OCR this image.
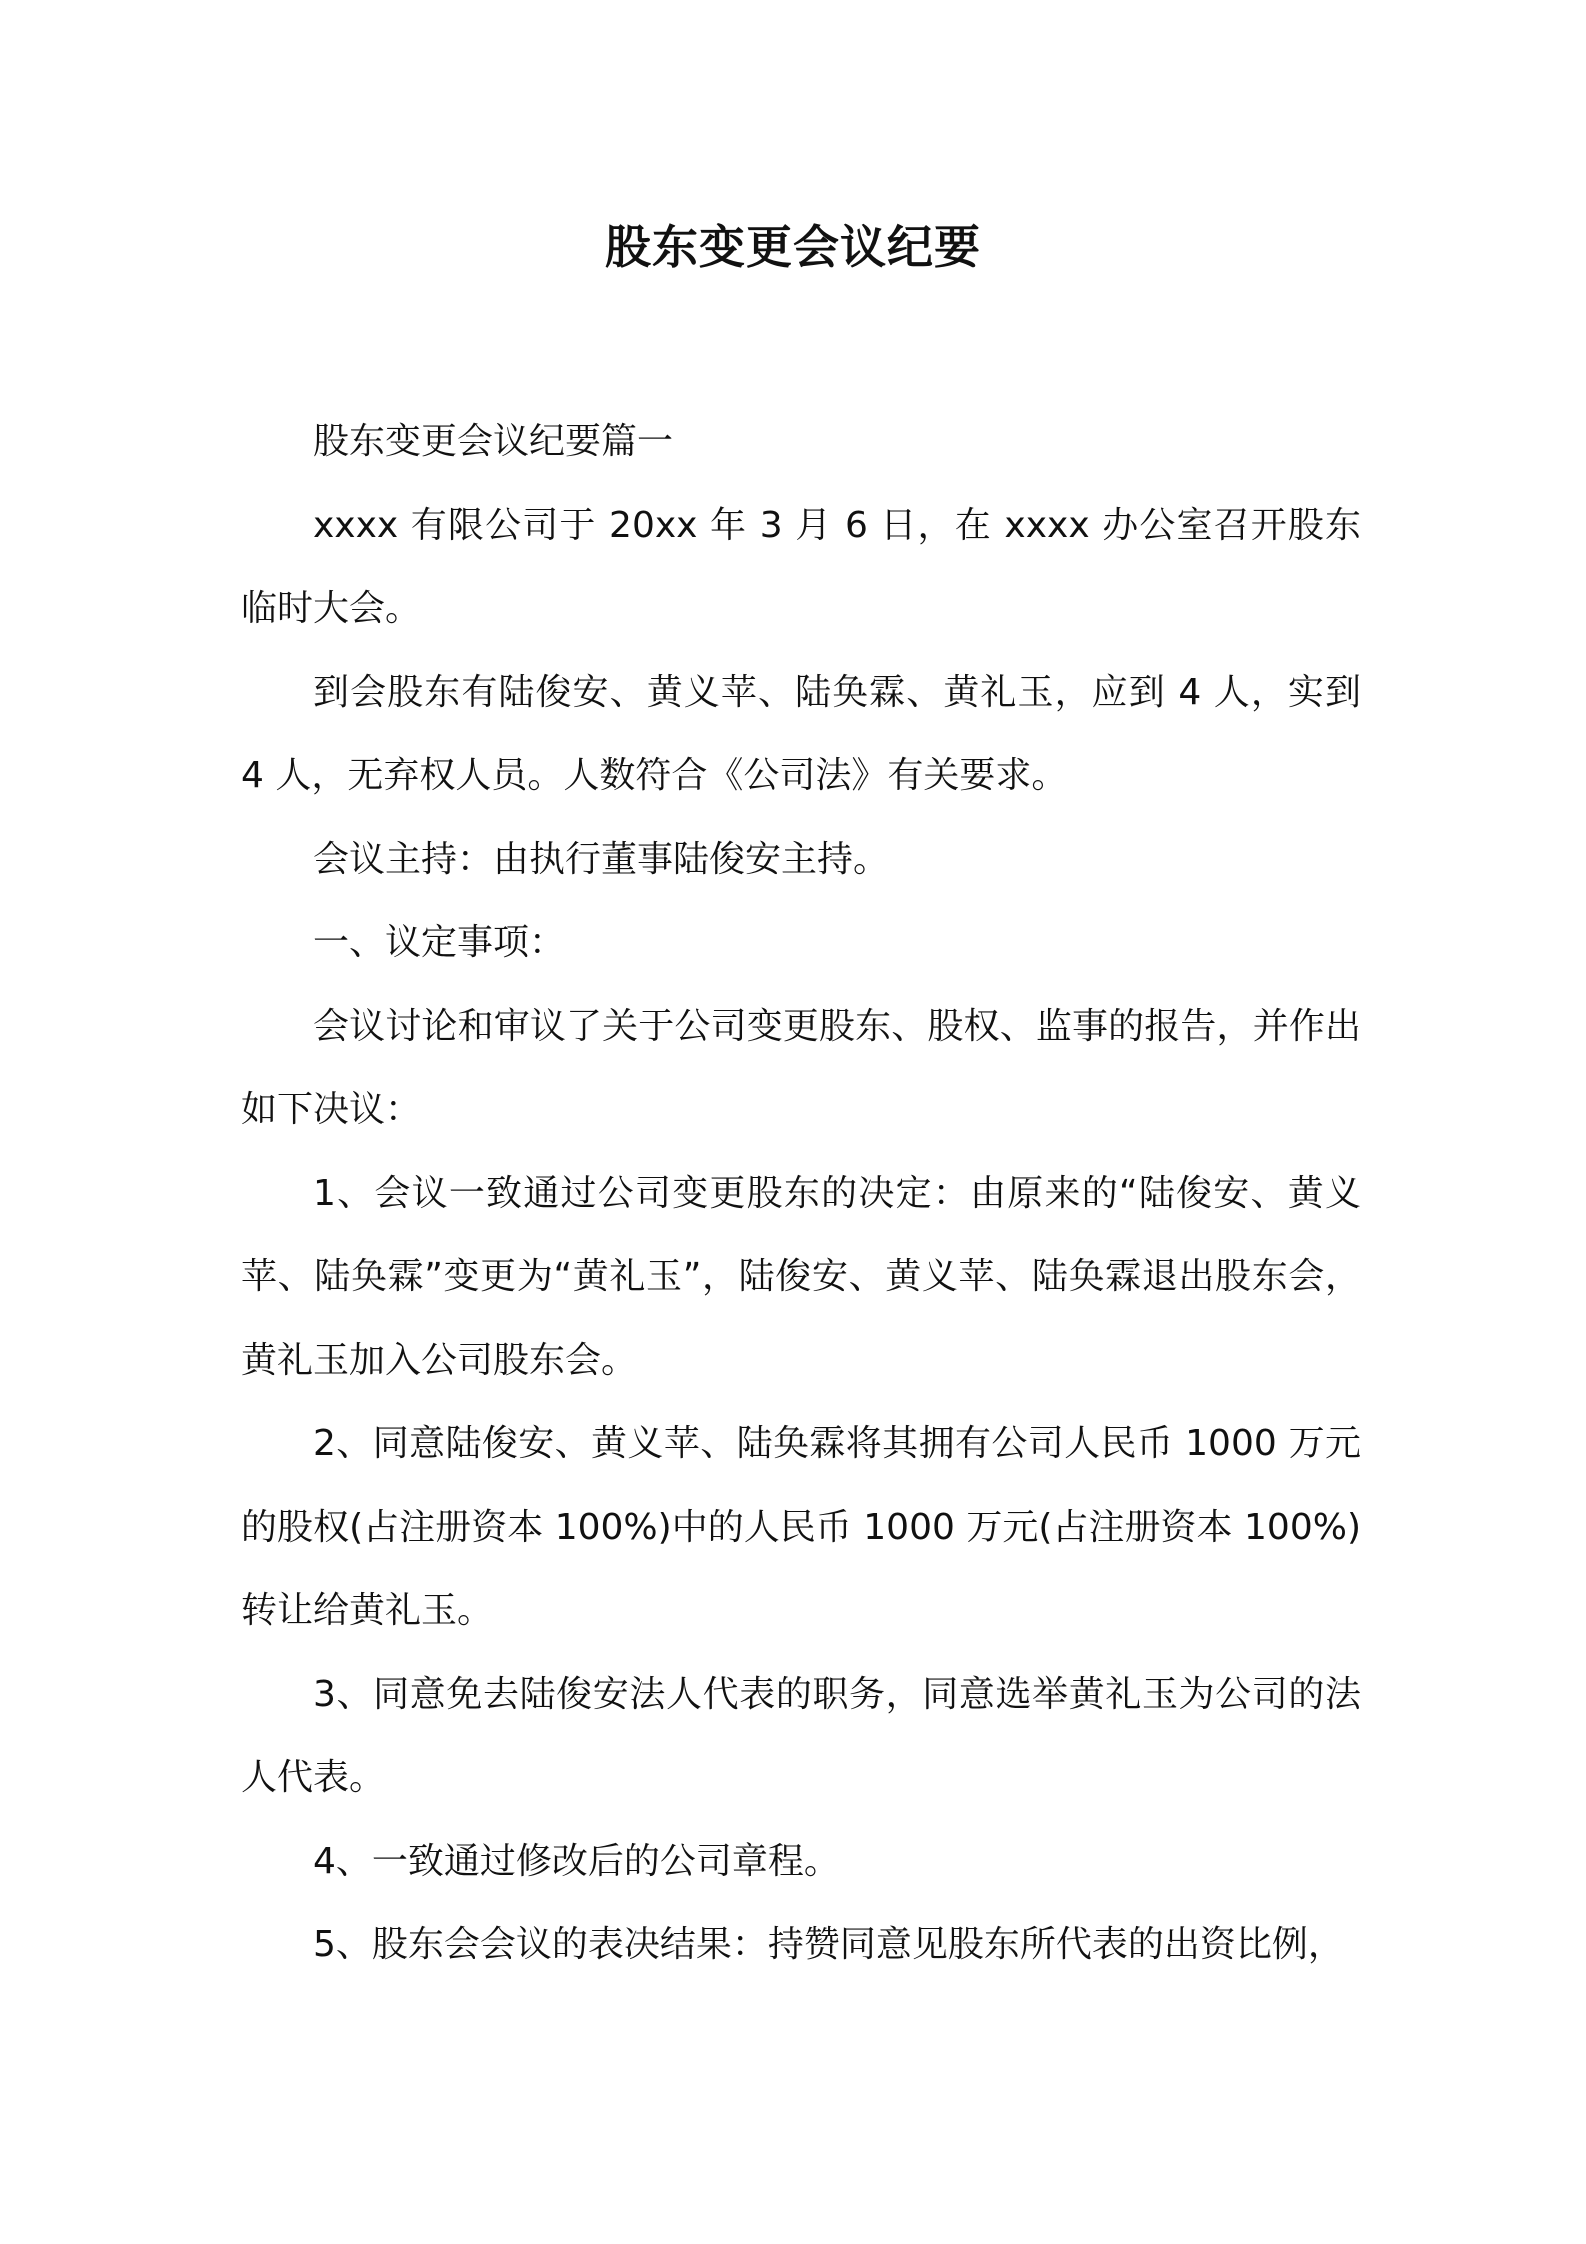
股东变更会议纪要

股东变更会议纪要篇一

xxxx 有限公司于 20xx 年 3 月 6 日，在 xxxx 办公室召开股东临时大会。

到会股东有陆俊安、黄义苹、陆奂霖、黄礼玉，应到 4 人，实到 4 人，无弃权人员。人数符合《公司法》有关要求。

会议主持：由执行董事陆俊安主持。

一、议定事项：

会议讨论和审议了关于公司变更股东、股权、监事的报告，并作出如下决议：

1、会议一致通过公司变更股东的决定：由原来的“陆俊安、黄义苹、陆奂霖”变更为“黄礼玉”，陆俊安、黄义苹、陆奂霖退出股东会，黄礼玉加入公司股东会。

2、同意陆俊安、黄义苹、陆奂霖将其拥有公司人民币 1000 万元的股权(占注册资本 100%)中的人民币 1000 万元(占注册资本 100%)转让给黄礼玉。

3、同意免去陆俊安法人代表的职务，同意选举黄礼玉为公司的法人代表。

4、一致通过修改后的公司章程。

5、股东会会议的表决结果：持赞同意见股东所代表的出资比例，
